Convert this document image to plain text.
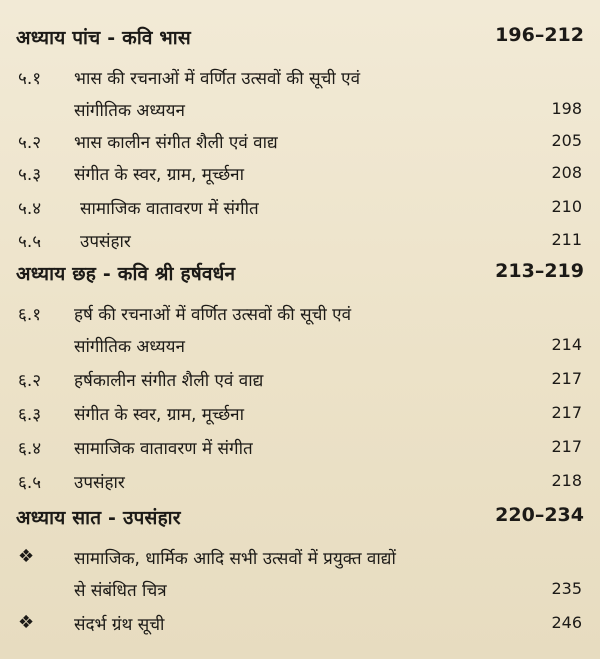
अध्याय पांच - कवि भास	196–212
५.१ भास की रचनाओं में वर्णित उत्सवों की सूची एवं
सांगीतिक अध्ययन	198
५.२ भास कालीन संगीत शैली एवं वाद्य	205
५.३ संगीत के स्वर, ग्राम, मूर्च्छना	208
५.४ सामाजिक वातावरण में संगीत	210
५.५ उपसंहार	211
अध्याय छह - कवि श्री हर्षवर्धन	213–219
६.१ हर्ष की रचनाओं में वर्णित उत्सवों की सूची एवं
सांगीतिक अध्ययन	214
६.२ हर्षकालीन संगीत शैली एवं वाद्य	217
६.३ संगीत के स्वर, ग्राम, मूर्च्छना	217
६.४ सामाजिक वातावरण में संगीत	217
६.५ उपसंहार	218
अध्याय सात - उपसंहार	220–234
❖ सामाजिक, धार्मिक आदि सभी उत्सवों में प्रयुक्त वाद्यों
से संबंधित चित्र	235
❖ संदर्भ ग्रंथ सूची	246
